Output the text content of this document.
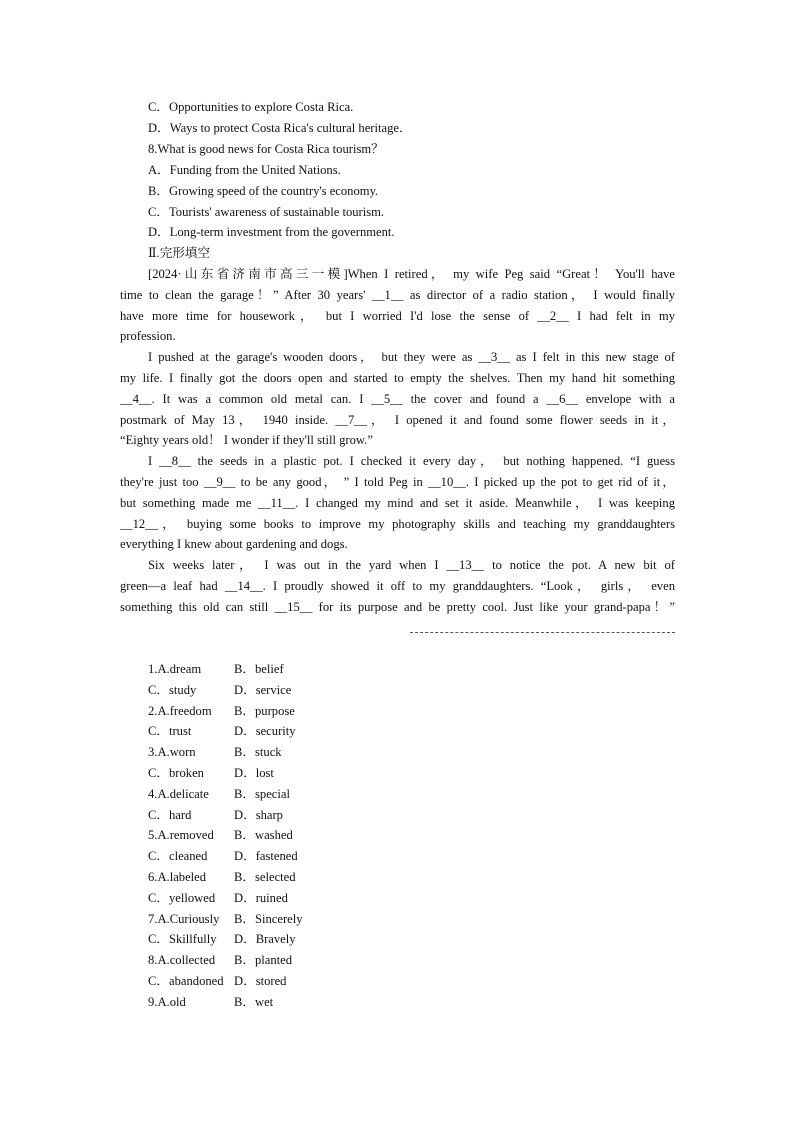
C．Opportunities to explore Costa Rica.
D．Ways to protect Costa Rica's cultural heritage．
8.What is good news for Costa Rica tourism？
A．Funding from the United Nations.
B．Growing speed of the country's economy.
C．Tourists' awareness of sustainable tourism.
D．Long-term investment from the government.
Ⅱ.完形填空
[2024·山东省济南市高三一模]When I retired， my wife Peg said “Great！ You'll have
time to clean the garage！” After 30 years' __1__ as director of a radio station， I would finally
have more time for housework， but I worried I'd lose the sense of __2__ I had felt in my
profession.
I pushed at the garage's wooden doors， but they were as __3__ as I felt in this new stage of
my life. I finally got the doors open and started to empty the shelves. Then my hand hit something
__4__. It was a common old metal can. I __5__ the cover and found a __6__ envelope with a
postmark of May 13， 1940 inside. __7__， I opened it and found some flower seeds in it，
“Eighty years old！ I wonder if they'll still grow.”
I __8__ the seeds in a plastic pot. I checked it every day， but nothing happened. “I guess
they're just too __9__ to be any good， ” I told Peg in __10__. I picked up the pot to get rid of it，
but something made me __11__. I changed my mind and set it aside. Meanwhile， I was keeping
__12__， buying some books to improve my photography skills and teaching my granddaughters
everything I knew about gardening and dogs.
Six weeks later， I was out in the yard when I __13__ to notice the pot. A new bit of
green—a leaf had __14__. I proudly showed it off to my granddaughters. “Look， girls， even
something this old can still __15__ for its purpose and be pretty cool. Just like your grand-papa！”
1.A.dream	B．belief
C．study	D．service
2.A.freedom B．purpose
C．trust	D．security
3.A.worn	B．stuck
C．broken D．lost
4.A.delicate B．special
C．hard	D．sharp
5.A.removed B．washed
C．cleaned D．fastened
6.A.labeled B．selected
C．yellowed D．ruined
7.A.Curiously B．Sincerely
C．Skillfully D．Bravely
8.A.collected B．planted
C．abandoned D．stored
9.A.old	B．wet
